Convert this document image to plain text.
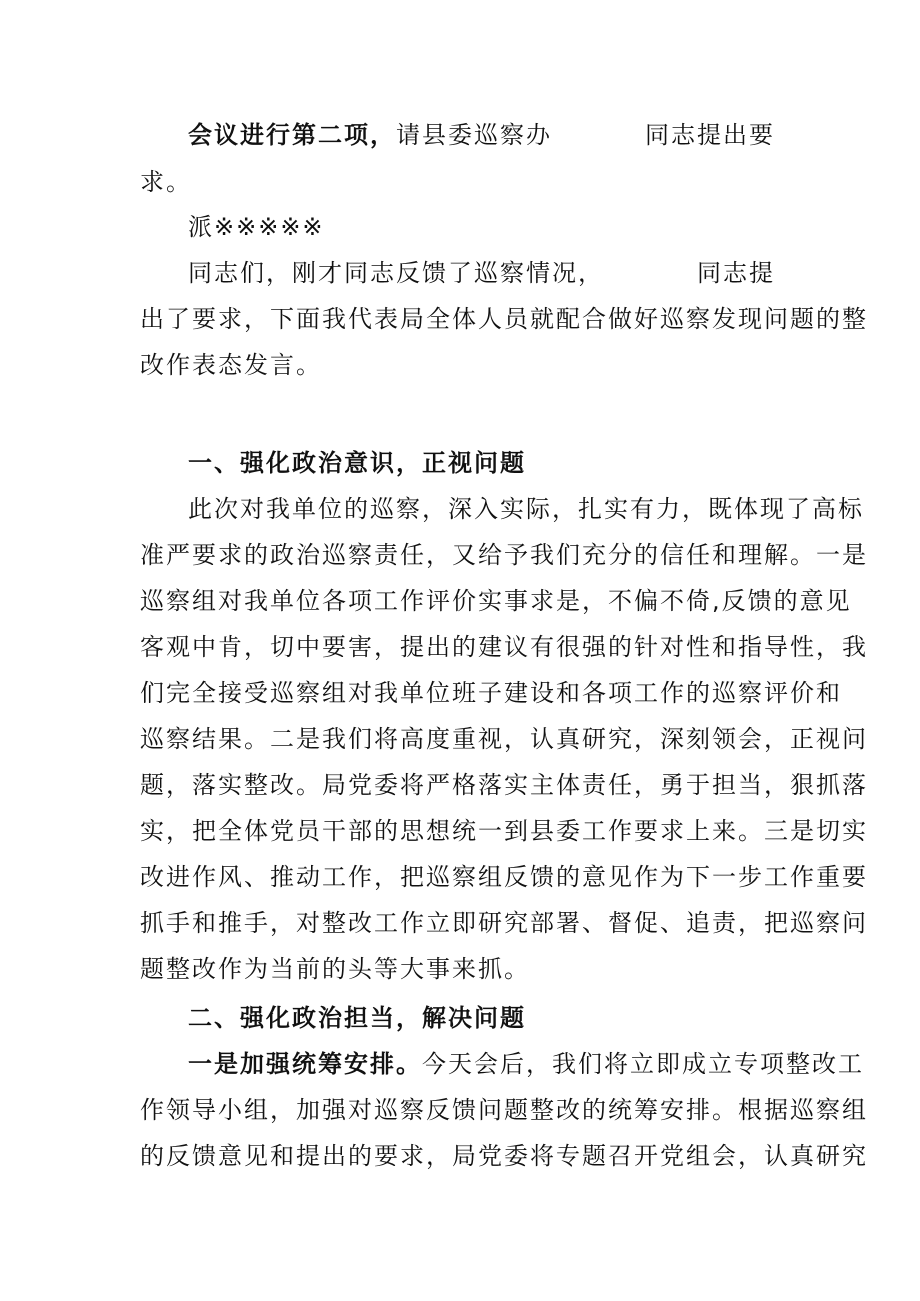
会议进行第二项，请县委巡察办	同志提出要
求。
派※※※※※
同志们，刚才同志反馈了巡察情况，	同志提
出了要求，下面我代表局全体人员就配合做好巡察发现问题的整
改作表态发言。
一、强化政治意识，正视问题
此次对我单位的巡察，深入实际，扎实有力，既体现了高标
准严要求的政治巡察责任，又给予我们充分的信任和理解。一是
巡察组对我单位各项工作评价实事求是，不偏不倚,反馈的意见
客观中肯，切中要害，提出的建议有很强的针对性和指导性，我
们完全接受巡察组对我单位班子建设和各项工作的巡察评价和
巡察结果。二是我们将高度重视，认真研究，深刻领会，正视问
题，落实整改。局党委将严格落实主体责任，勇于担当，狠抓落
实，把全体党员干部的思想统一到县委工作要求上来。三是切实
改进作风、推动工作，把巡察组反馈的意见作为下一步工作重要
抓手和推手，对整改工作立即研究部署、督促、追责，把巡察问
题整改作为当前的头等大事来抓。
二、强化政治担当，解决问题
一是加强统筹安排。今天会后，我们将立即成立专项整改工
作领导小组，加强对巡察反馈问题整改的统筹安排。根据巡察组
的反馈意见和提出的要求，局党委将专题召开党组会，认真研究
